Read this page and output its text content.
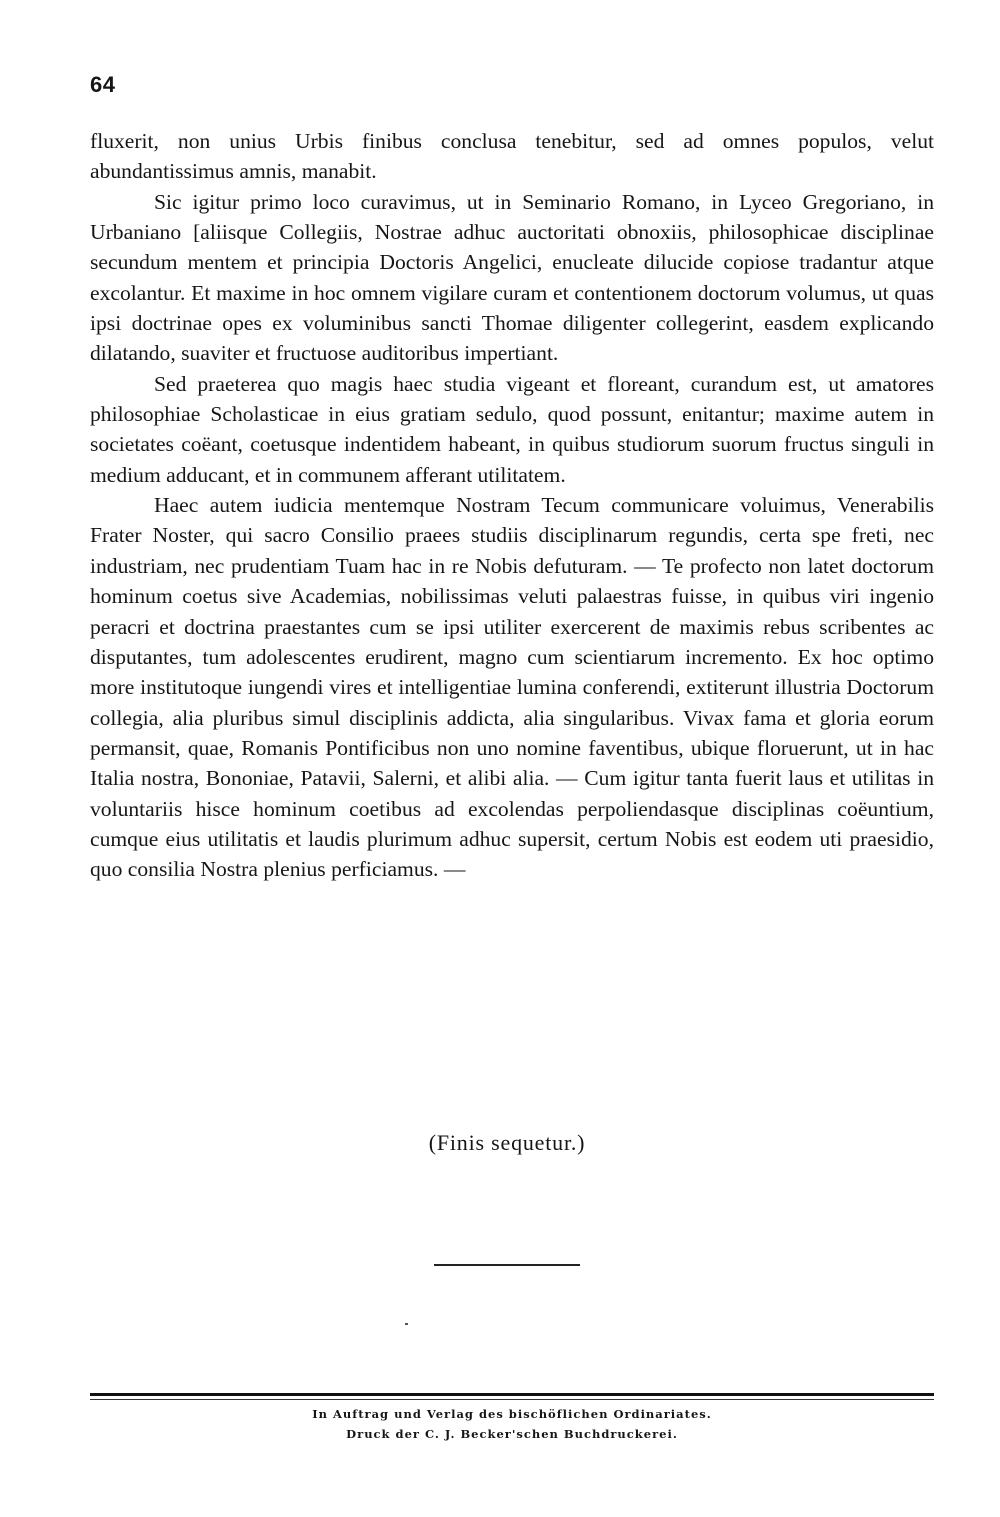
64

fluxerit, non unius Urbis finibus conclusa tenebitur, sed ad omnes populos, velut abundantissimus amnis, manabit.

Sic igitur primo loco curavimus, ut in Seminario Romano, in Lyceo Gregoriano, in Urbaniano [aliisque Collegiis, Nostrae adhuc auctoritati obnoxiis, philosophicae disciplinae secundum mentem et principia Doctoris Angelici, enucleate dilucide copiose tradantur atque excolantur. Et maxime in hoc omnem vigilare curam et contentionem doctorum volumus, ut quas ipsi doctrinae opes ex voluminibus sancti Thomae diligenter collegerint, easdem explicando dilatando, suaviter et fructuose auditoribus impertiant.

Sed praeterea quo magis haec studia vigeant et floreant, curandum est, ut amatores philosophiae Scholasticae in eius gratiam sedulo, quod possunt, enitantur; maxime autem in societates coëant, coetusque indentidem habeant, in quibus studiorum suorum fructus singuli in medium adducant, et in communem afferant utilitatem.

Haec autem iudicia mentemque Nostram Tecum communicare voluimus, Venerabilis Frater Noster, qui sacro Consilio praees studiis disciplinarum regundis, certa spe freti, nec industriam, nec prudentiam Tuam hac in re Nobis defuturam. — Te profecto non latet doctorum hominum coetus sive Academias, nobilissimas veluti palaestras fuisse, in quibus viri ingenio peracri et doctrina praestantes cum se ipsi utiliter exercerent de maximis rebus scribentes ac disputantes, tum adolescentes erudirent, magno cum scientiarum incremento. Ex hoc optimo more institutoque iungendi vires et intelligentiae lumina conferendi, extiterunt illustria Doctorum collegia, alia pluribus simul disciplinis addicta, alia singularibus. Vivax fama et gloria eorum permansit, quae, Romanis Pontificibus non uno nomine faventibus, ubique floruerunt, ut in hac Italia nostra, Bononiae, Patavii, Salerni, et alibi alia. — Cum igitur tanta fuerit laus et utilitas in voluntariis hisce hominum coetibus ad excolendas perpoliendasque disciplinas coëuntium, cumque eius utilitatis et laudis plurimum adhuc supersit, certum Nobis est eodem uti praesidio, quo consilia Nostra plenius perficiamus. —

(Finis sequetur.)
In Auftrag und Verlag des bischöflichen Ordinariates.
Druck der C. J. Becker'schen Buchdruckerei.
